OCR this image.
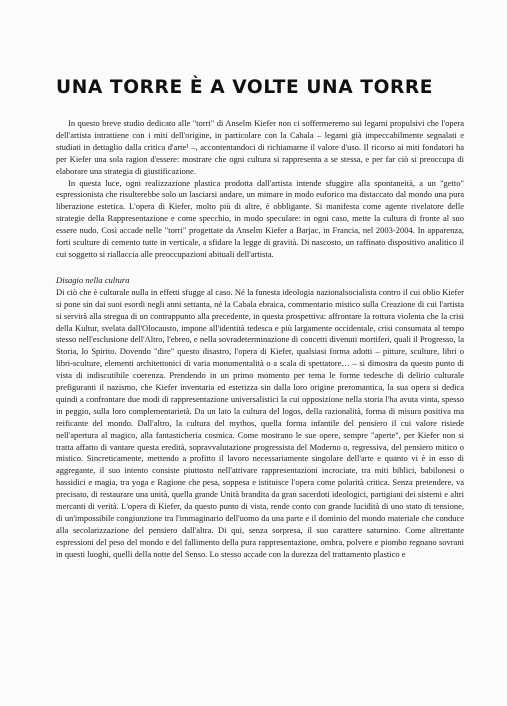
UNA TORRE È A VOLTE UNA TORRE

In questo breve studio dedicato alle "torri" di Anselm Kiefer non ci soffermeremo sui legami propulsivi che l'opera dell'artista intrattiene con i miti dell'origine, in particolare con la Cabala – legami già impeccabilmente segnalati e studiati in dettaglio dalla critica d'arte¹ –, accontentandoci di richiamarne il valore d'uso. Il ricorso ai miti fondatori ha per Kiefer una sola ragion d'essere: mostrare che ogni cultura si rappresenta a se stessa, e per far ciò si preoccupa di elaborare una strategia di giustificazione.

In questa luce, ogni realizzazione plastica prodotta dall'artista intende sfuggire alla spontaneità, a un "getto" espressionista che risulterebbe solo un lasciarsi andare, un mimare in modo euforico ma distaccato dal mondo una pura liberazione estetica. L'opera di Kiefer, molto più di altre, è obbligante. Si manifesta come agente rivelatore delle strategie della Rappresentazione e come specchio, in modo speculare: in ogni caso, mette la cultura di fronte al suo essere nudo. Così accade nelle "torri" progettate da Anselm Kiefer a Barjac, in Francia, nel 2003-2004. In apparenza, forti sculture di cemento tutte in verticale, a sfidare la legge di gravità. Di nascosto, un raffinato dispositivo analitico il cui soggetto si riallaccia alle preoccupazioni abituali dell'artista.

Disagio nella cultura

Di ciò che è culturale nulla in effetti sfugge al caso. Né la funesta ideologia nazionalsocialista contro il cui oblio Kiefer si pone sin dai suoi esordi negli anni settanta, né la Cabala ebraica, commentario mistico sulla Creazione di cui l'artista si servirà alla stregua di un contrappunto alla precedente, in questa prospettiva: affrontare la rottura violenta che la crisi della Kultur, svelata dall'Olocausto, impone all'identità tedesca e più largamente occidentale, crisi consumata al tempo stesso nell'esclusione dell'Altro, l'ebreo, e nella sovradeterminazione di concetti divenuti mortiferi, quali il Progresso, la Storia, lo Spirito. Dovendo "dire" questo disastro, l'opera di Kiefer, qualsiasi forma adotti – pitture, sculture, libri o libri-sculture, elementi architettonici di varia monumentalità o a scala di spettatore… – si dimostra da questo punto di vista di indiscutibile coerenza. Prendendo in un primo momento per tema le forme tedesche di delirio culturale prefiguranti il nazismo, che Kiefer inventaria ed estetizza sin dalla loro origine preromantica, la sua opera si dedica quindi a confrontare due modi di rappresentazione universalistici la cui opposizione nella storia l'ha avuta vinta, spesso in peggio, sulla loro complementarietà. Da un lato la cultura del logos, della razionalità, forma di misura positiva ma reificante del mondo. Dall'altro, la cultura del mythos, quella forma infantile del pensiero il cui valore risiede nell'apertura al magico, alla fantasticheria cosmica. Come mostrano le sue opere, sempre "aperte", per Kiefer non si tratta affatto di vantare questa eredità, sopravvalutazione progressista del Moderno o, regressiva, del pensiero mitico o mistico. Sincreticamente, mettendo a profitto il lavoro necessariamente singolare dell'arte e quanto vi è in esso di aggregante, il suo intento consiste piuttosto nell'attivare rappresentazioni incrociate, tra miti biblici, babilonesi o hassidici e magia, tra yoga e Ragione che pesa, soppesa e istituisce l'opera come polarità critica. Senza pretendere, va precisato, di restaurare una unità, quella grande Unità brandita da gran sacerdoti ideologici, partigiani dei sistemi e altri mercanti di verità. L'opera di Kiefer, da questo punto di vista, rende conto con grande lucidità di uno stato di tensione, di un'impossibile congiunzione tra l'immaginario dell'uomo da una parte e il dominio del mondo materiale che conduce alla secolarizzazione del pensiero dall'altra. Di qui, senza sorpresa, il suo carattere saturnino. Come altrettante espressioni del peso del mondo e del fallimento della pura rappresentazione, ombra, polvere e piombo regnano sovrani in questi luoghi, quelli della notte del Senso. Lo stesso accade con la durezza del trattamento plastico e
